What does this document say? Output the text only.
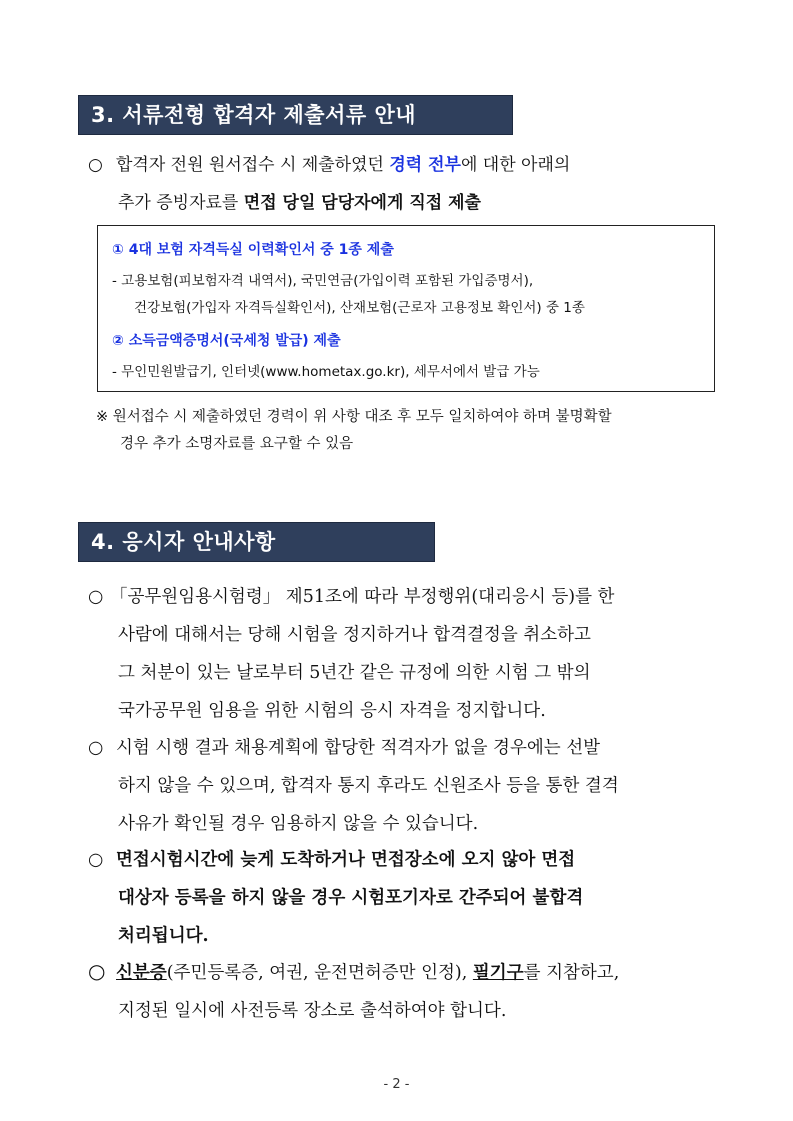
3. 서류전형 합격자 제출서류 안내
○ 합격자 전원 원서접수 시 제출하였던 경력 전부에 대한 아래의
추가 증빙자료를 면접 당일 담당자에게 직접 제출
① 4대 보험 자격득실 이력확인서 중 1종 제출
- 고용보험(피보험자격 내역서), 국민연금(가입이력 포함된 가입증명서),
건강보험(가입자 자격득실확인서), 산재보험(근로자 고용정보 확인서) 중 1종
② 소득금액증명서(국세청 발급) 제출
- 무인민원발급기, 인터넷(www.hometax.go.kr), 세무서에서 발급 가능
※ 원서접수 시 제출하였던 경력이 위 사항 대조 후 모두 일치하여야 하며 불명확할
경우 추가 소명자료를 요구할 수 있음
4. 응시자 안내사항
○ 「공무원임용시험령」 제51조에 따라 부정행위(대리응시 등)를 한
사람에 대해서는 당해 시험을 정지하거나 합격결정을 취소하고
그 처분이 있는 날로부터 5년간 같은 규정에 의한 시험 그 밖의
국가공무원 임용을 위한 시험의 응시 자격을 정지합니다.
○ 시험 시행 결과 채용계획에 합당한 적격자가 없을 경우에는 선발
하지 않을 수 있으며, 합격자 통지 후라도 신원조사 등을 통한 결격
사유가 확인될 경우 임용하지 않을 수 있습니다.
○ 면접시험시간에 늦게 도착하거나 면접장소에 오지 않아 면접
대상자 등록을 하지 않을 경우 시험포기자로 간주되어 불합격
처리됩니다.
○ 신분증(주민등록증, 여권, 운전면허증만 인정), 필기구를 지참하고,
지정된 일시에 사전등록 장소로 출석하여야 합니다.
- 2 -
